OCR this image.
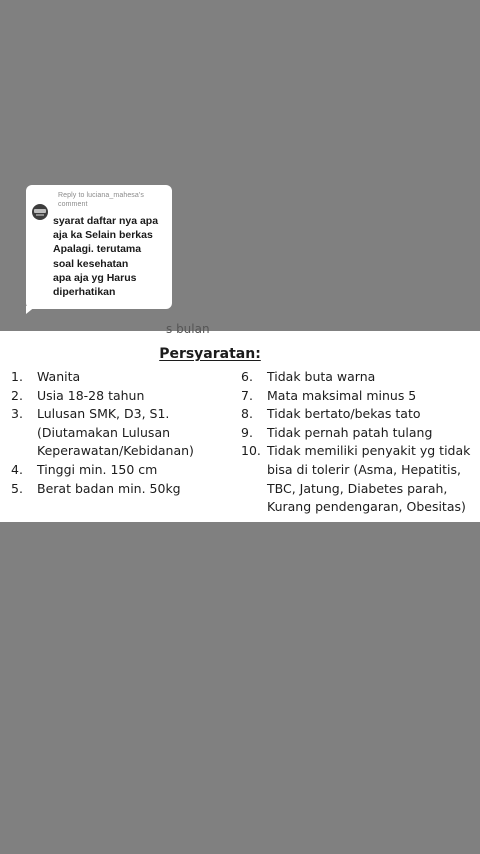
Reply to luciana_mahesa's comment
syarat daftar nya apa
aja ka Selain berkas
Apalagi. terutama
soal kesehatan
apa aja yg Harus
diperhatikan
s bulan
Persyaratan:
1.	Wanita
2.	Usia 18-28 tahun
3.	Lulusan SMK, D3, S1.
(Diutamakan Lulusan
Keperawatan/Kebidanan)
4.	Tinggi min. 150 cm
5.	Berat badan min. 50kg
6.	Tidak buta warna
7.	Mata maksimal minus 5
8.	Tidak bertato/bekas tato
9.	Tidak pernah patah tulang
10. Tidak memiliki penyakit yg tidak
bisa di tolerir (Asma, Hepatitis,
TBC, Jatung, Diabetes parah,
Kurang pendengaran, Obesitas)
